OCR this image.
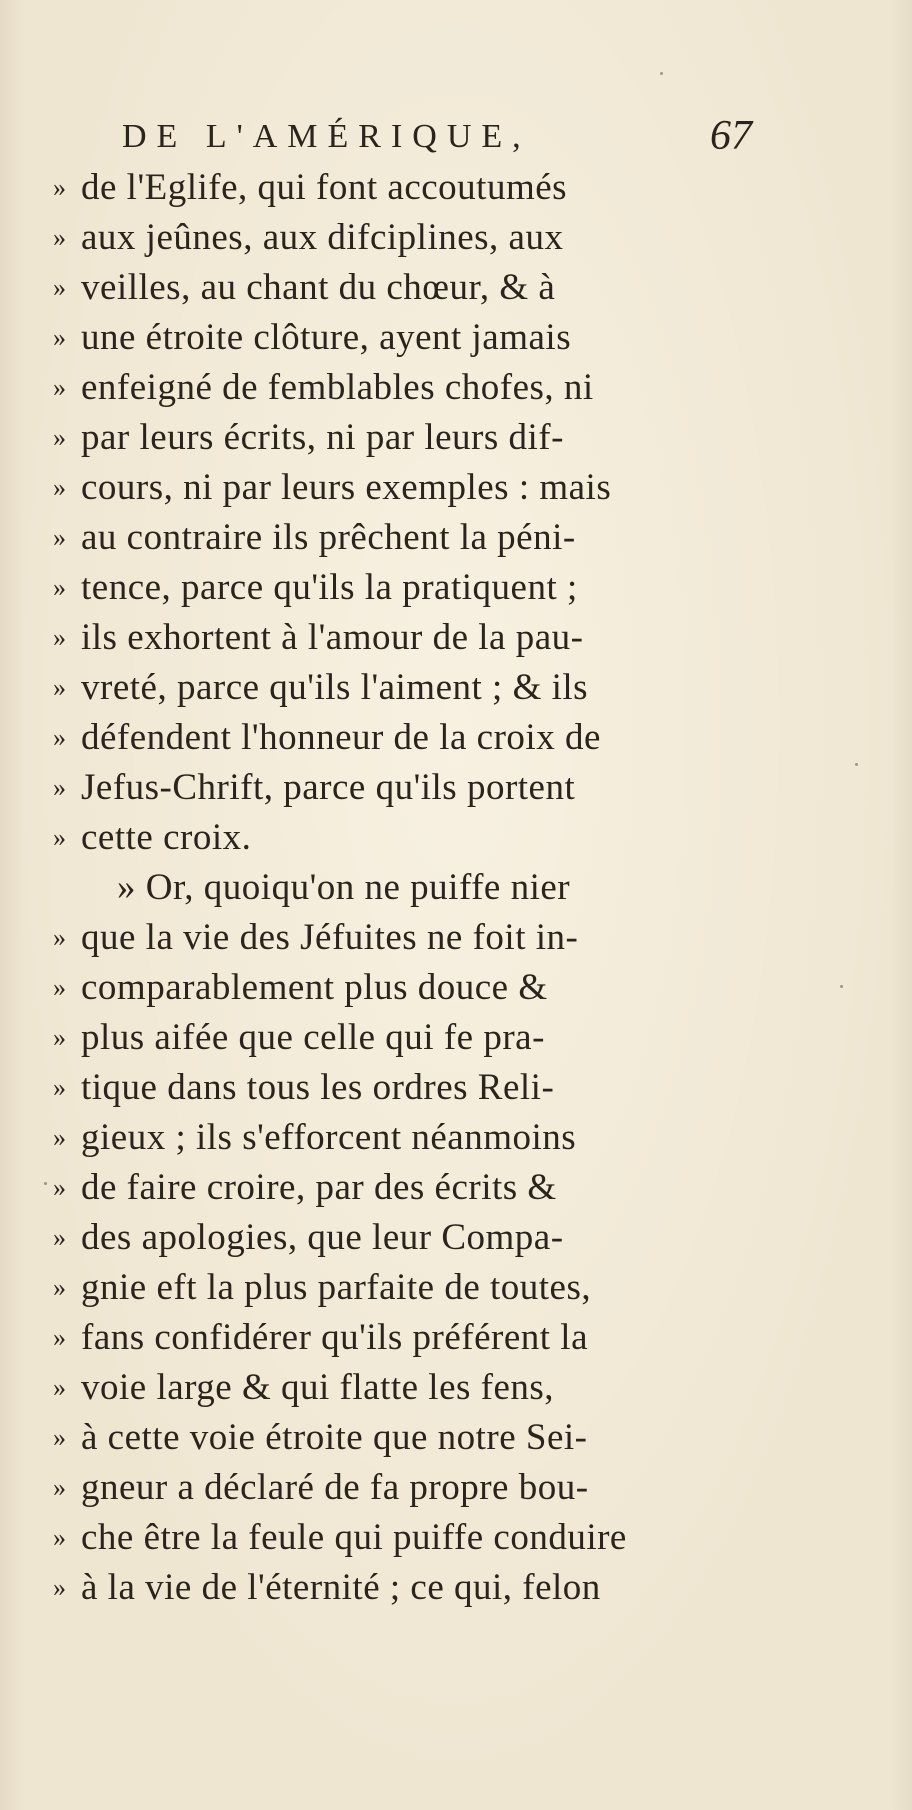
DE L'AMÉRIQUE,	67
» de l'Eglife, qui font accoutumés
» aux jeûnes, aux difciplines, aux
» veilles, au chant du chœur, & à
» une étroite clôture, ayent jamais
» enfeigné de femblables chofes, ni
» par leurs écrits, ni par leurs dif-
» cours, ni par leurs exemples : mais
» au contraire ils prêchent la péni-
» tence, parce qu'ils la pratiquent ;
» ils exhortent à l'amour de la pau-
» vreté, parce qu'ils l'aiment ; & ils
» défendent l'honneur de la croix de
» Jefus-Chrift, parce qu'ils portent
» cette croix.
» Or, quoiqu'on ne puiffe nier
» que la vie des Jéfuites ne foit in-
» comparablement plus douce &
» plus aifée que celle qui fe pra-
» tique dans tous les ordres Reli-
» gieux ; ils s'efforcent néanmoins
» de faire croire, par des écrits &
» des apologies, que leur Compa-
» gnie eft la plus parfaite de toutes,
» fans confidérer qu'ils préférent la
» voie large & qui flatte les fens,
» à cette voie étroite que notre Sei-
» gneur a déclaré de fa propre bou-
» che être la feule qui puiffe conduire
» à la vie de l'éternité ; ce qui, felon
